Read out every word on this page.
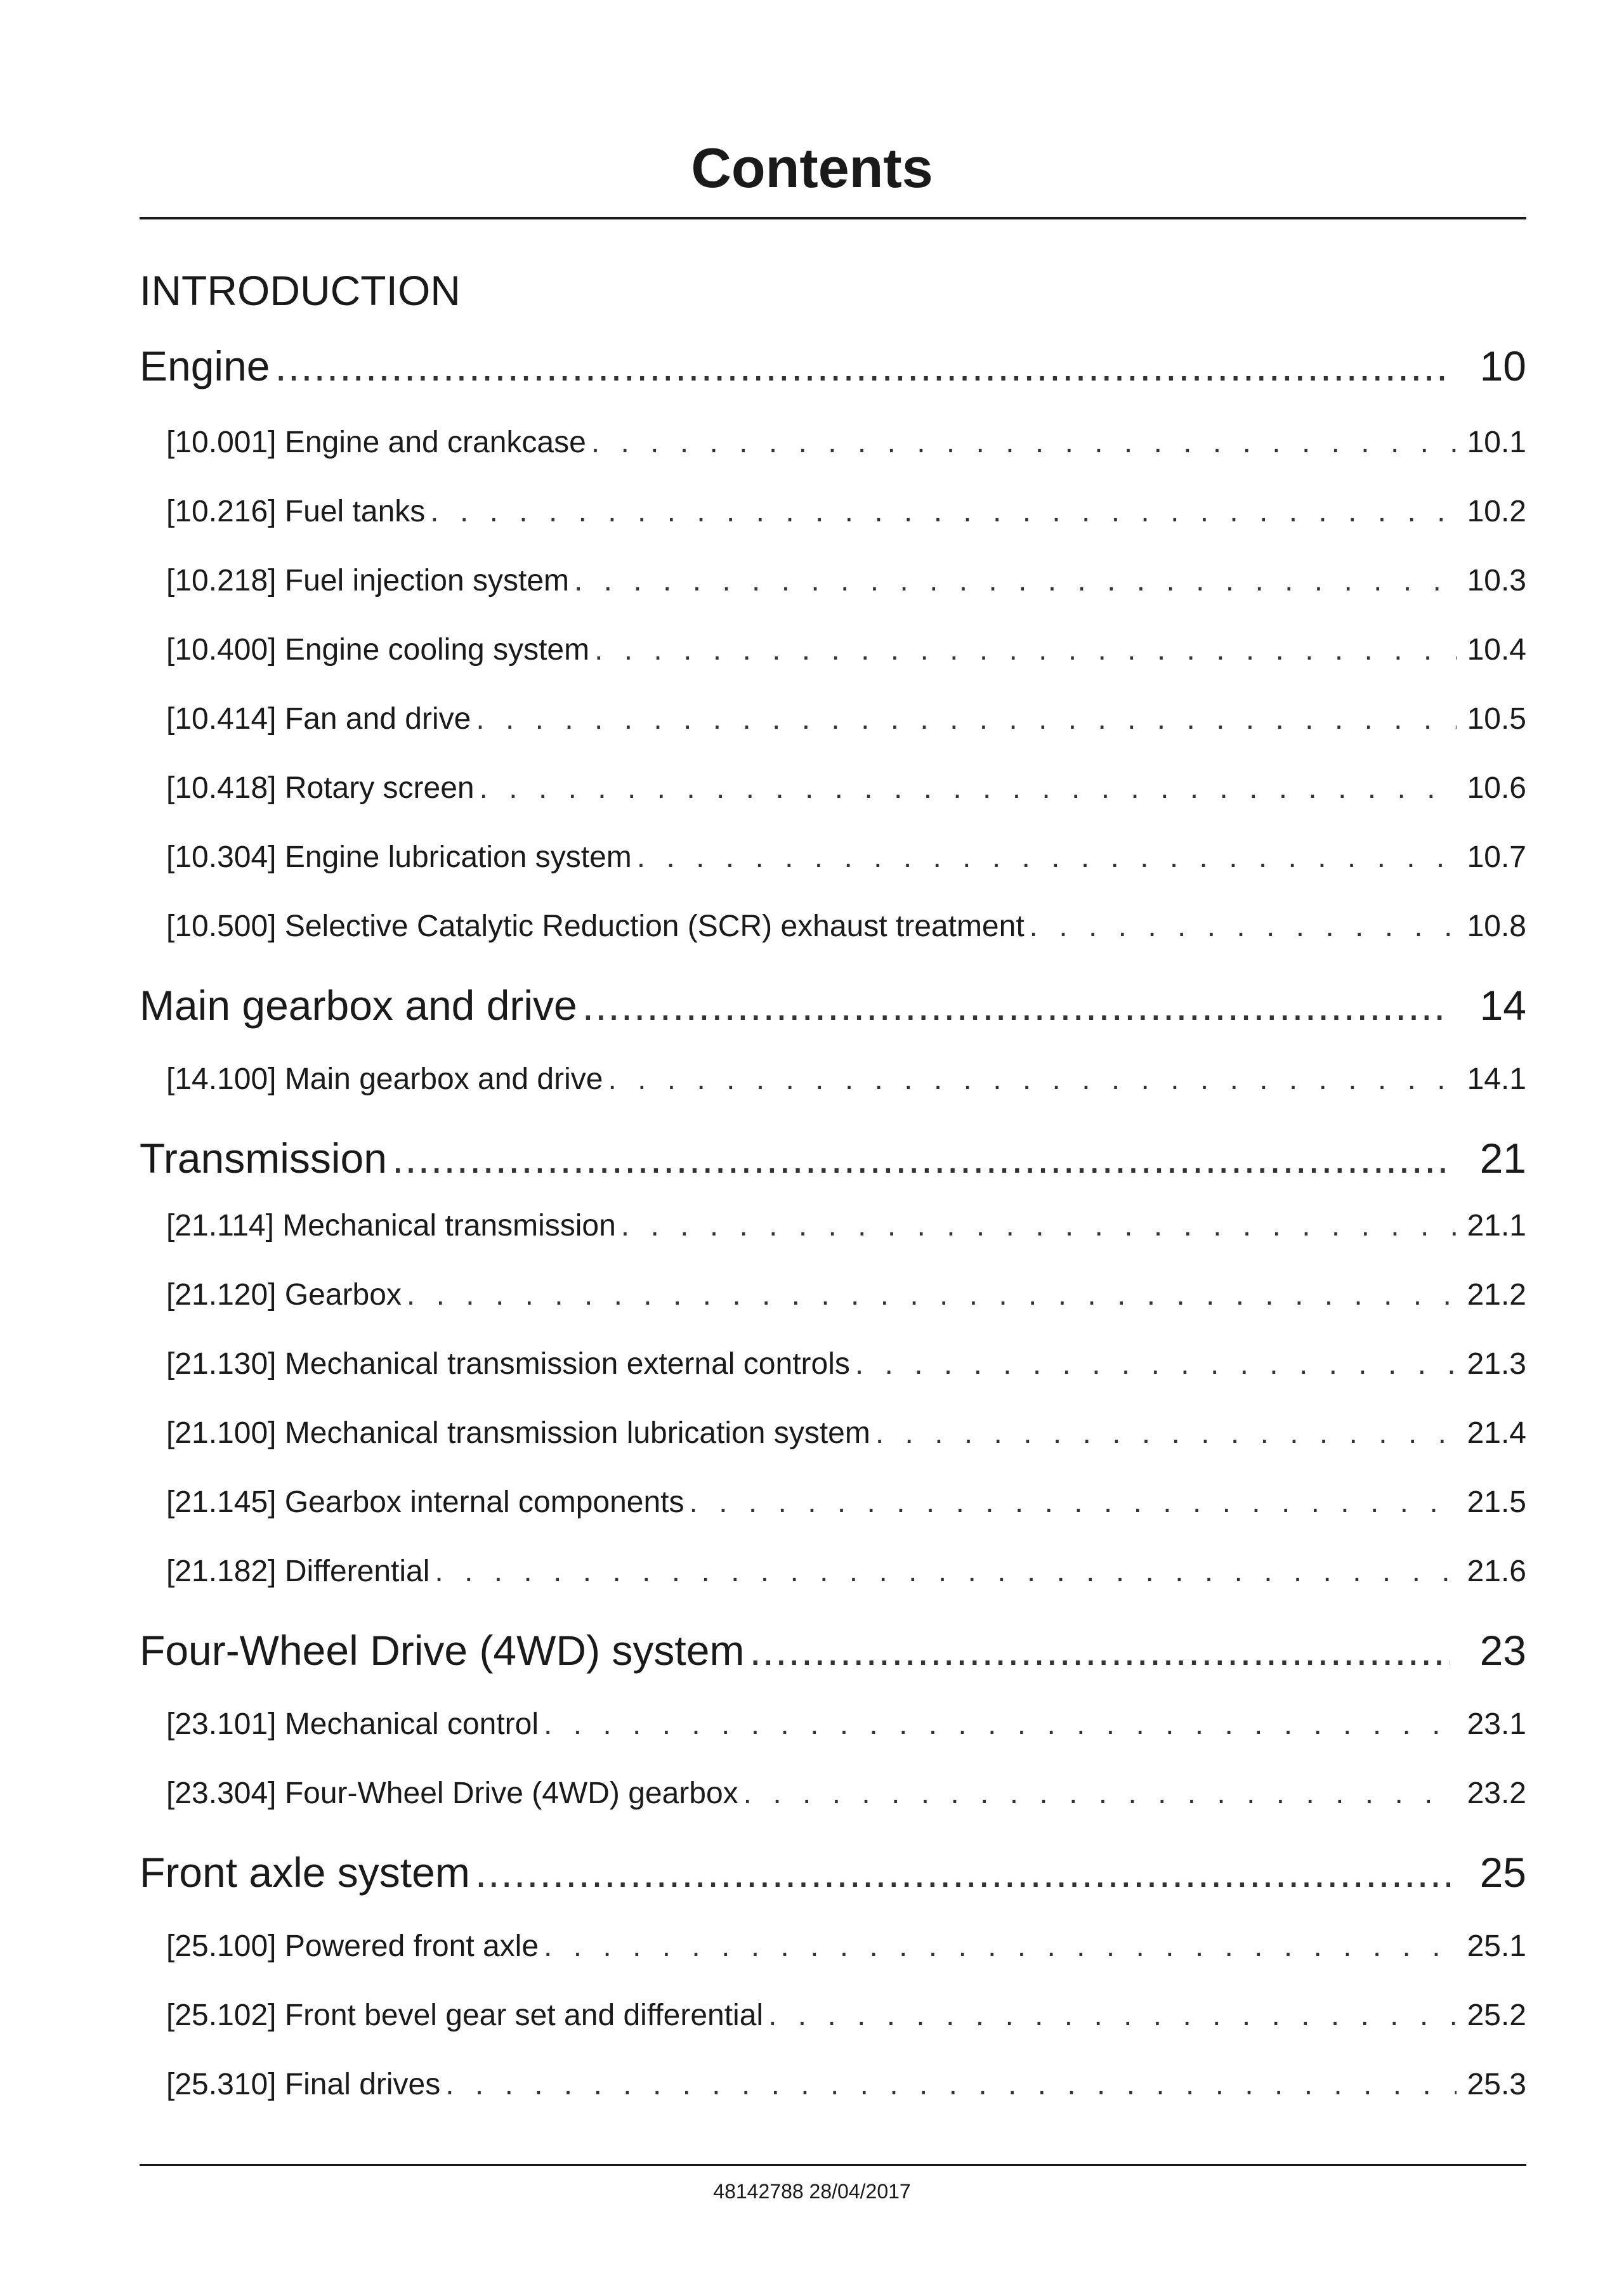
Contents
INTRODUCTION
Engine .....	10
[10.001] Engine and crankcase . . .	10.1
[10.216] Fuel tanks . . .	10.2
[10.218] Fuel injection system . . .	10.3
[10.400] Engine cooling system . . .	10.4
[10.414] Fan and drive . . .	10.5
[10.418] Rotary screen . . .	10.6
[10.304] Engine lubrication system . . .	10.7
[10.500] Selective Catalytic Reduction (SCR) exhaust treatment . . .	10.8
Main gearbox and drive .....	14
[14.100] Main gearbox and drive . . .	14.1
Transmission .....	21
[21.114] Mechanical transmission . . .	21.1
[21.120] Gearbox . . .	21.2
[21.130] Mechanical transmission external controls . . .	21.3
[21.100] Mechanical transmission lubrication system . . .	21.4
[21.145] Gearbox internal components . . .	21.5
[21.182] Differential . . .	21.6
Four-Wheel Drive (4WD) system .....	23
[23.101] Mechanical control . . .	23.1
[23.304] Four-Wheel Drive (4WD) gearbox . . .	23.2
Front axle system .....	25
[25.100] Powered front axle . . .	25.1
[25.102] Front bevel gear set and differential . . .	25.2
[25.310] Final drives . . .	25.3
48142788 28/04/2017
